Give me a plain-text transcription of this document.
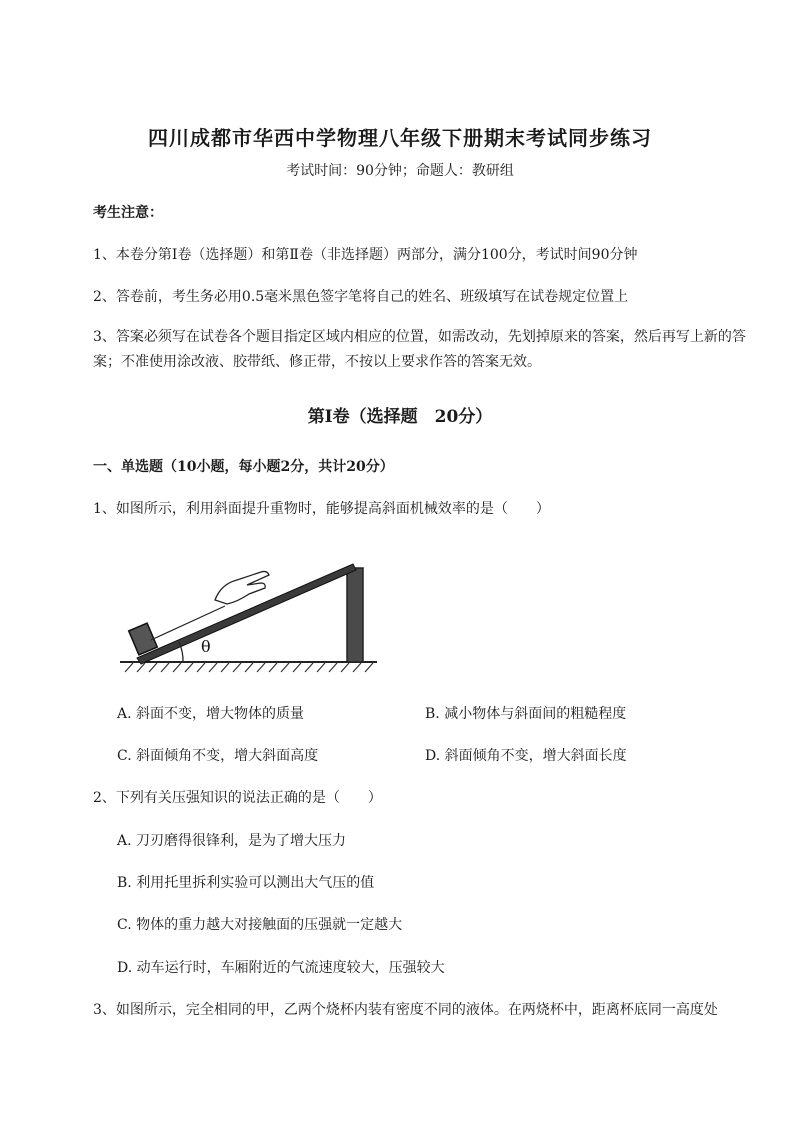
四川成都市华西中学物理八年级下册期末考试同步练习
考试时间：90分钟；命题人：教研组
考生注意：
1、本卷分第Ⅰ卷（选择题）和第Ⅱ卷（非选择题）两部分，满分100分，考试时间90分钟
2、答卷前，考生务必用0.5毫米黑色签字笔将自己的姓名、班级填写在试卷规定位置上
3、答案必须写在试卷各个题目指定区域内相应的位置，如需改动，先划掉原来的答案，然后再写上新的答案；不准使用涂改液、胶带纸、修正带，不按以上要求作答的答案无效。
第Ⅰ卷（选择题　20分）
一、单选题（10小题，每小题2分，共计20分）
1、如图所示，利用斜面提升重物时，能够提高斜面机械效率的是（　　）
θ
A. 斜面不变，增大物体的质量	B. 减小物体与斜面间的粗糙程度
C. 斜面倾角不变，增大斜面高度	D. 斜面倾角不变，增大斜面长度
2、下列有关压强知识的说法正确的是（　　）
A. 刀刃磨得很锋利，是为了增大压力
B. 利用托里拆利实验可以测出大气压的值
C. 物体的重力越大对接触面的压强就一定越大
D. 动车运行时，车厢附近的气流速度较大，压强较大
3、如图所示，完全相同的甲，乙两个烧杯内装有密度不同的液体。在两烧杯中，距离杯底同一高度处
